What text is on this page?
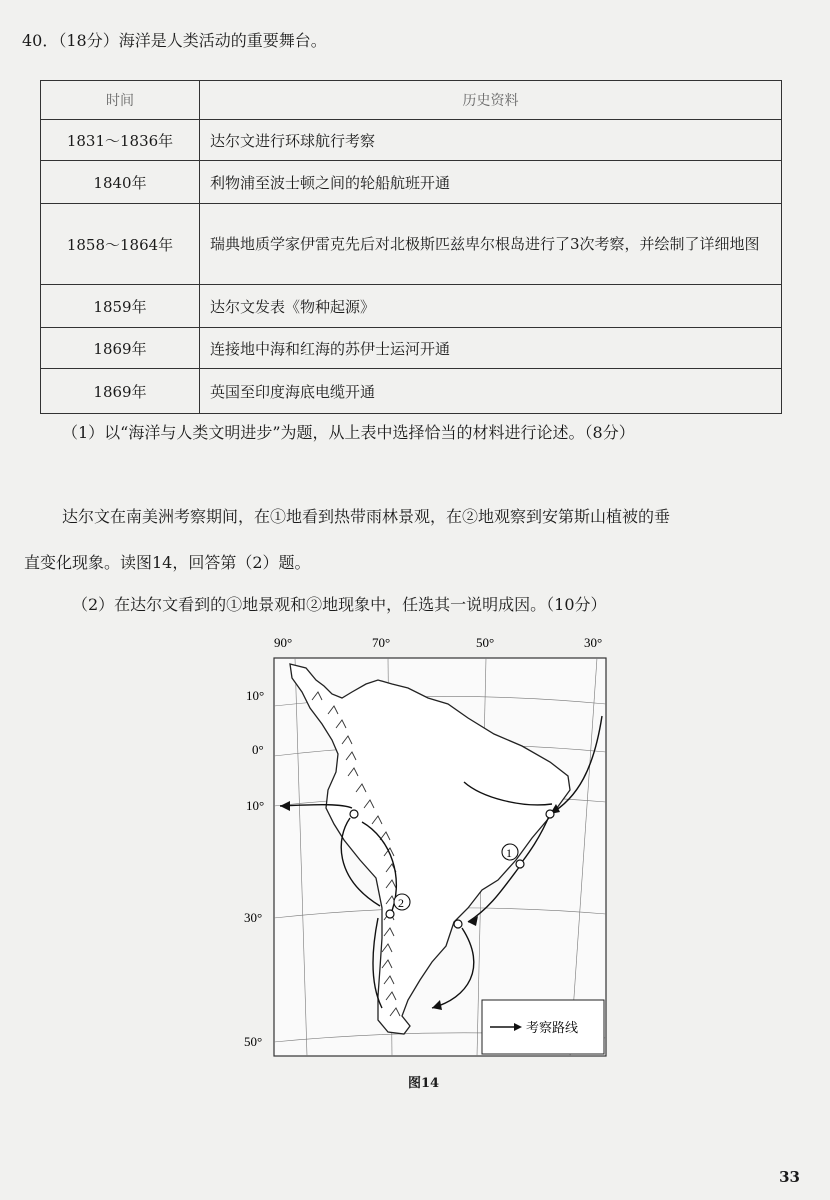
40．（18分）海洋是人类活动的重要舞台。
时间	历史资料
1831～1836年	达尔文进行环球航行考察
1840年	利物浦至波士顿之间的轮船航班开通
1858～1864年	瑞典地质学家伊雷克先后对北极斯匹兹卑尔根岛进行了3次考察，并绘制了详细地图
1859年	达尔文发表《物种起源》
1869年	连接地中海和红海的苏伊士运河开通
1869年	英国至印度海底电缆开通
（1）以“海洋与人类文明进步”为题，从上表中选择恰当的材料进行论述。（8分）
达尔文在南美洲考察期间，在①地看到热带雨林景观，在②地观察到安第斯山植被的垂
直变化现象。读图14，回答第（2）题。
（2）在达尔文看到的①地景观和②地现象中，任选其一说明成因。（10分）
90°	70°	50°	30°
10°
0°
10°
30°
50°
1
2
考察路线
图14
33
